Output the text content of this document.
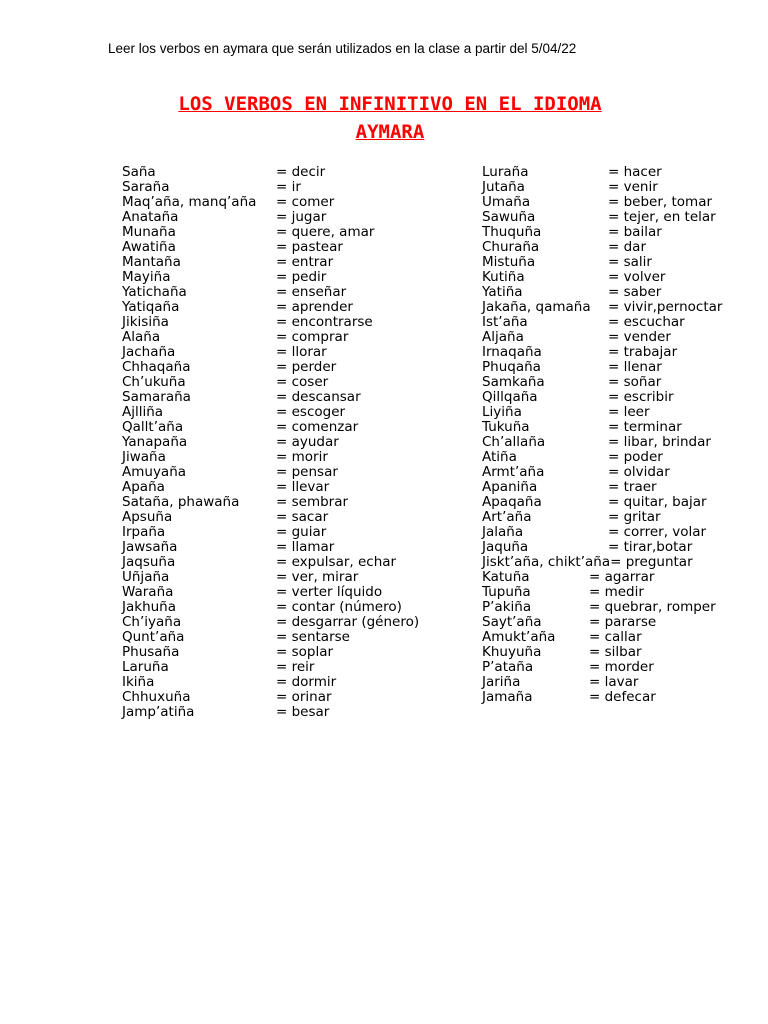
Leer los verbos en aymara que serán utilizados en la clase a partir del 5/04/22
LOS VERBOS EN INFINITIVO EN EL IDIOMA
AYMARA
Saña	= decir
Saraña	= ir
Maq’aña, manq’aña = comer
Anataña	= jugar
Munaña	= quere, amar
Awatiña	= pastear
Mantaña	= entrar
Mayiña	= pedir
Yatichaña	= enseñar
Yatiqaña	= aprender
Jikisiña	= encontrarse
Alaña	= comprar
Jachaña	= llorar
Chhaqaña	= perder
Ch’ukuña	= coser
Samaraña	= descansar
Ajlliña	= escoger
Qallt’aña	= comenzar
Yanapaña	= ayudar
Jiwaña	= morir
Amuyaña	= pensar
Apaña	= llevar
Sataña, phawaña	= sembrar
Apsuña	= sacar
Irpaña	= guiar
Jawsaña	= llamar
Jaqsuña	= expulsar, echar
Uñjaña	= ver, mirar
Waraña	= verter líquido
Jakhuña	= contar (número)
Ch’iyaña	= desgarrar (género)
Qunt’aña	= sentarse
Phusaña	= soplar
Laruña	= reir
Ikiña	= dormir
Chhuxuña	= orinar
Jamp’atiña	= besar
Luraña	= hacer
Jutaña	= venir
Umaña	= beber, tomar
Sawuña	= tejer, en telar
Thuquña	= bailar
Churaña	= dar
Mistuña	= salir
Kutiña	= volver
Yatiña	= saber
Jakaña, qamaña = vivir,pernoctar
Ist’aña	= escuchar
Aljaña	= vender
Irnaqaña	= trabajar
Phuqaña	= llenar
Samkaña	= soñar
Qillqaña	= escribir
Liyiña	= leer
Tukuña	= terminar
Ch’allaña	= libar, brindar
Atiña	= poder
Armt’aña	= olvidar
Apaniña	= traer
Apaqaña	= quitar, bajar
Art’aña	= gritar
Jalaña	= correr, volar
Jaquña	= tirar,botar
Jiskt’aña, chikt’aña= preguntar
Katuña	= agarrar
Tupuña	= medir
P’akiña	= quebrar, romper
Sayt’aña	= pararse
Amukt’aña = callar
Khuyuña	= silbar
P’ataña	= morder
Jariña	= lavar
Jamaña	= defecar
